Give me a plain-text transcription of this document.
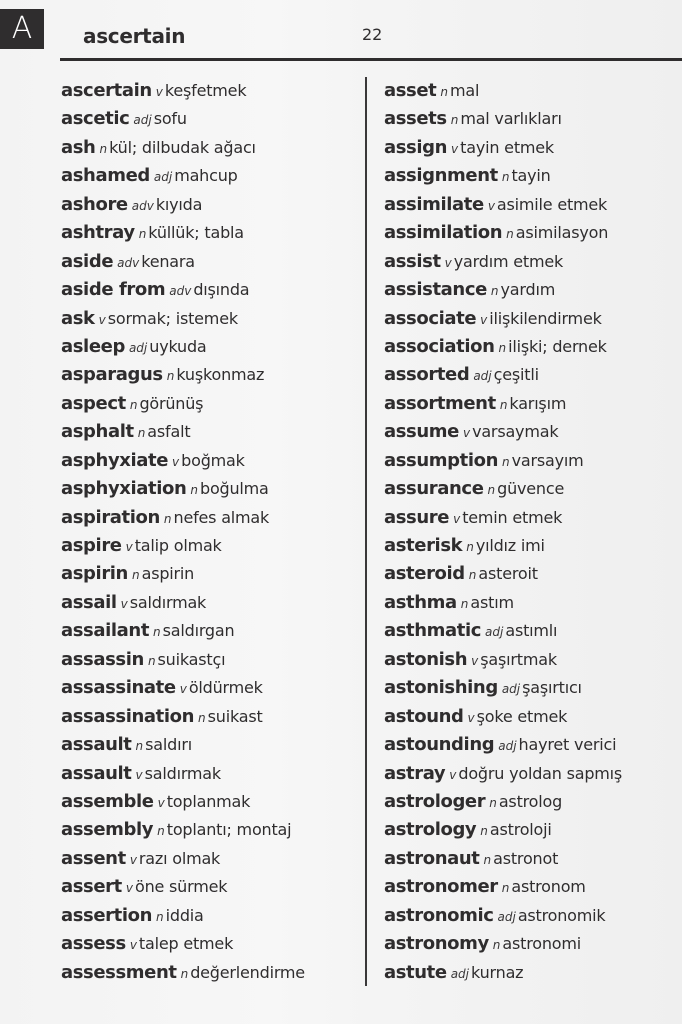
A	ascertain	22
ascertain v keşfetmek
ascetic adj sofu
ash n kül; dilbudak ağacı
ashamed adj mahcup
ashore adv kıyıda
ashtray n küllük; tabla
aside adv kenara
aside from adv dışında
ask v sormak; istemek
asleep adj uykuda
asparagus n kuşkonmaz
aspect n görünüş
asphalt n asfalt
asphyxiate v boğmak
asphyxiation n boğulma
aspiration n nefes almak
aspire v talip olmak
aspirin n aspirin
assail v saldırmak
assailant n saldırgan
assassin n suikastçı
assassinate v öldürmek
assassination n suikast
assault n saldırı
assault v saldırmak
assemble v toplanmak
assembly n toplantı; montaj
assent v razı olmak
assert v öne sürmek
assertion n iddia
assess v talep etmek
assessment n değerlendirme
asset n mal
assets n mal varlıkları
assign v tayin etmek
assignment n tayin
assimilate v asimile etmek
assimilation n asimilasyon
assist v yardım etmek
assistance n yardım
associate v ilişkilendirmek
association n ilişki; dernek
assorted adj çeşitli
assortment n karışım
assume v varsaymak
assumption n varsayım
assurance n güvence
assure v temin etmek
asterisk n yıldız imi
asteroid n asteroit
asthma n astım
asthmatic adj astımlı
astonish v şaşırtmak
astonishing adj şaşırtıcı
astound v şoke etmek
astounding adj hayret verici
astray v doğru yoldan sapmış
astrologer n astrolog
astrology n astroloji
astronaut n astronot
astronomer n astronom
astronomic adj astronomik
astronomy n astronomi
astute adj kurnaz
